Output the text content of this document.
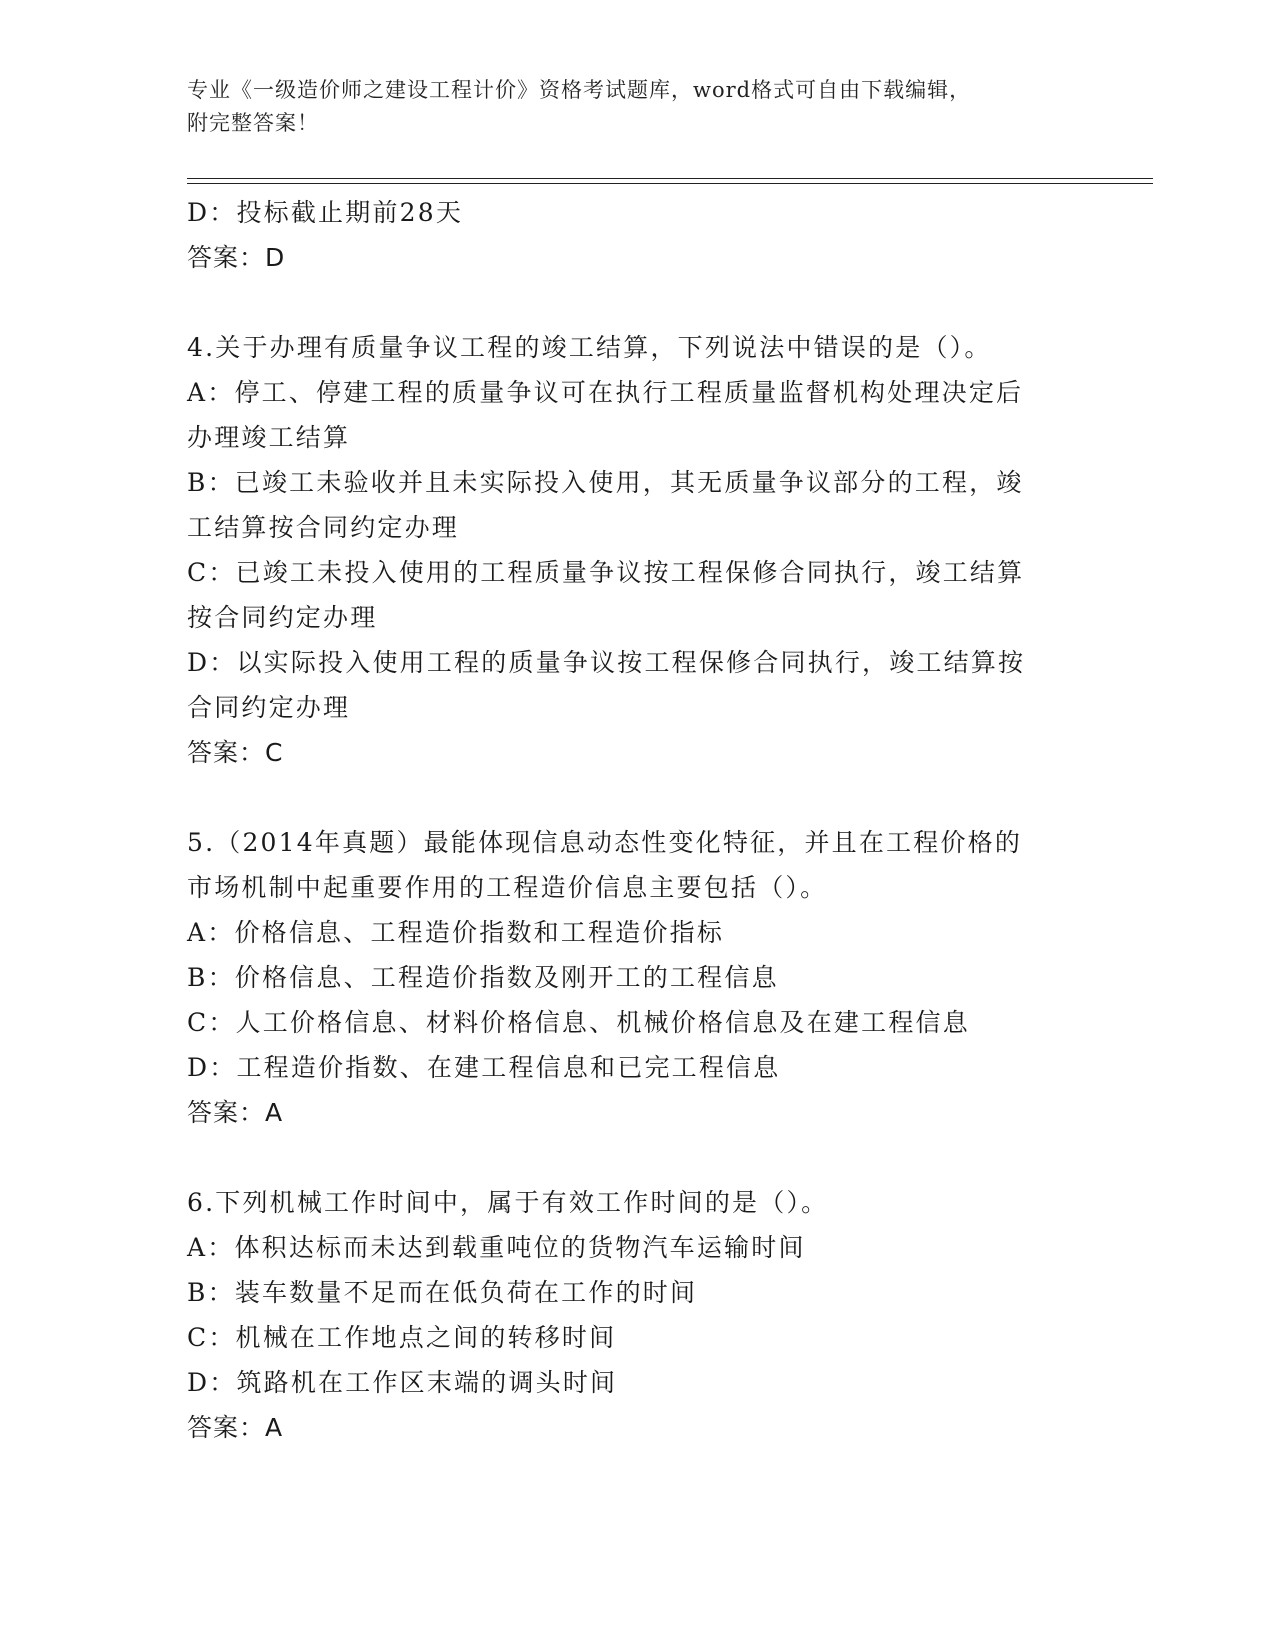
专业《一级造价师之建设工程计价》资格考试题库，word格式可自由下载编辑，
附完整答案！
D：投标截止期前28天
答案：D
4.关于办理有质量争议工程的竣工结算，下列说法中错误的是（）。
A：停工、停建工程的质量争议可在执行工程质量监督机构处理决定后
办理竣工结算
B：已竣工未验收并且未实际投入使用，其无质量争议部分的工程，竣
工结算按合同约定办理
C：已竣工未投入使用的工程质量争议按工程保修合同执行，竣工结算
按合同约定办理
D：以实际投入使用工程的质量争议按工程保修合同执行，竣工结算按
合同约定办理
答案：C
5.（2014年真题）最能体现信息动态性变化特征，并且在工程价格的
市场机制中起重要作用的工程造价信息主要包括（）。
A：价格信息、工程造价指数和工程造价指标
B：价格信息、工程造价指数及刚开工的工程信息
C：人工价格信息、材料价格信息、机械价格信息及在建工程信息
D：工程造价指数、在建工程信息和已完工程信息
答案：A
6.下列机械工作时间中，属于有效工作时间的是（）。
A：体积达标而未达到载重吨位的货物汽车运输时间
B：装车数量不足而在低负荷在工作的时间
C：机械在工作地点之间的转移时间
D：筑路机在工作区末端的调头时间
答案：A
